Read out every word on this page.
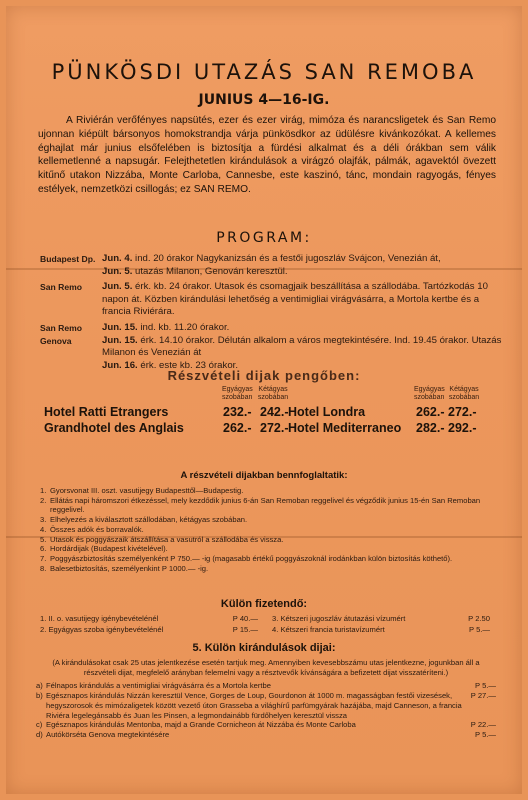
PÜNKÖSDI UTAZÁS SAN REMOBA
JUNIUS 4—16-IG.
A Riviérán verőfényes napsütés, ezer és ezer virág, mimóza és narancsligetek és San Remo ujonnan kiépült bársonyos homokstrandja várja pünkösdkor az üdülésre kivánkozókat. A kellemes éghajlat már junius elsőfelében is biztosítja a fürdési alkalmat és a déli órákban sem válik kellemetlenné a napsugár. Felejthetetlen kirándulások a virágzó olajfák, pálmák, agavektól övezett kitűnő utakon Nizzába, Monte Carloba, Cannesbe, este kaszinó, tánc, mondain ragyogás, fényes estélyek, nemzetközi csillogás; ez SAN REMO.
PROGRAM:
Budapest Dp. Jun. 4. ind. 20 órakor Nagykanizsán és a festői jugoszláv Svájcon, Venezián át,
Jun. 5. utazás Milanon, Genován keresztül.
San Remo	Jun. 5. érk. kb. 24 órakor. Utasok és csomagjaik beszállítása a szállodába. Tartózkodás 10 napon át. Közben kirándulási lehetőség a ventimigliai virágvásárra, a Mortola kertbe és a francia Riviérára.
San Remo	Jun. 15. ind. kb. 11.20 órakor.
Genova	Jun. 15. érk. 14.10 órakor. Délután alkalom a város megtekintésére. Ind. 19.45 órakor. Utazás Milanon és Venezián át
Jun. 16. érk. este kb. 23 órakor.
Részvételi dijak pengőben:
Egyágyas szobában
Kétágyas szobában
Egyágyas szobában
Kétágyas szobában
Hotel Ratti Etrangers	232.- 242.- Hotel Londra	262.- 272.-
Grandhotel des Anglais	262.- 272.- Hotel Mediterraneo 282.- 292.-
A részvételi dijakban bennfoglaltatik:
1. Gyorsvonat III. oszt. vasutijegy Budapesttől—Budapestig.
2. Ellátás napi háromszori étkezéssel, mely kezdődik junius 6-án San Remoban reggelivel és végződik junius 15-én San Remoban reggelivel.
3. Elhelyezés a kiválasztott szállodában, kétágyas szobában.
4. Összes adók és borravalók.
5. Utasok és poggyászaik átszállítása a vasutról a szállodába és vissza.
6. Hordárdijak (Budapest kivételével).
7. Poggyászbiztosítás személyenként P 750.— -ig (magasabb értékű poggyászoknál irodánkban külön biztosítás köthető).
8. Balesetbiztosítás, személyenkint P 1000.— -ig.
Külön fizetendő:
1. II. o. vasutijegy igénybevételénél	P 40.— 3. Kétszeri jugoszláv átutazási vízumért	P 2.50
2. Egyágyas szoba igénybevételénél	P 15.— 4. Kétszeri francia turistavízumért	P 5.—
5. Külön kirándulások dijai:
(A kirándulásokat csak 25 utas jelentkezése esetén tartjuk meg. Amennyiben kevesebbszámu utas jelentkezne, jogunkban áll a részvételi dijat, megfelelő arányban felemelni vagy a résztvevők kívánságára a befizetett dijat visszatéríteni.)
a) Félnapos kirándulás a ventimigliai virágvásárra és a Mortola kertbe	P 5.—
b) Egésznapos kirándulás Nizzán keresztül Vence, Gorges de Loup, Gourdonon át 1000 m. magasságban festői vizesések, hegyszorosok és mimózaligetek között vezető úton Grasseba a világhírű parfümgyárak hazájába, majd Canneson, a francia Riviéra legelegánsabb és Juan les Pinsen, a legmondainább fürdőhelyen keresztül vissza
P 27.—
c) Egésznapos kirándulás Mentonba, majd a Grande Cornicheon át Nizzába és Monte Carloba	P 22.—
d) Autókörséta Genova megtekintésére	P 5.—
